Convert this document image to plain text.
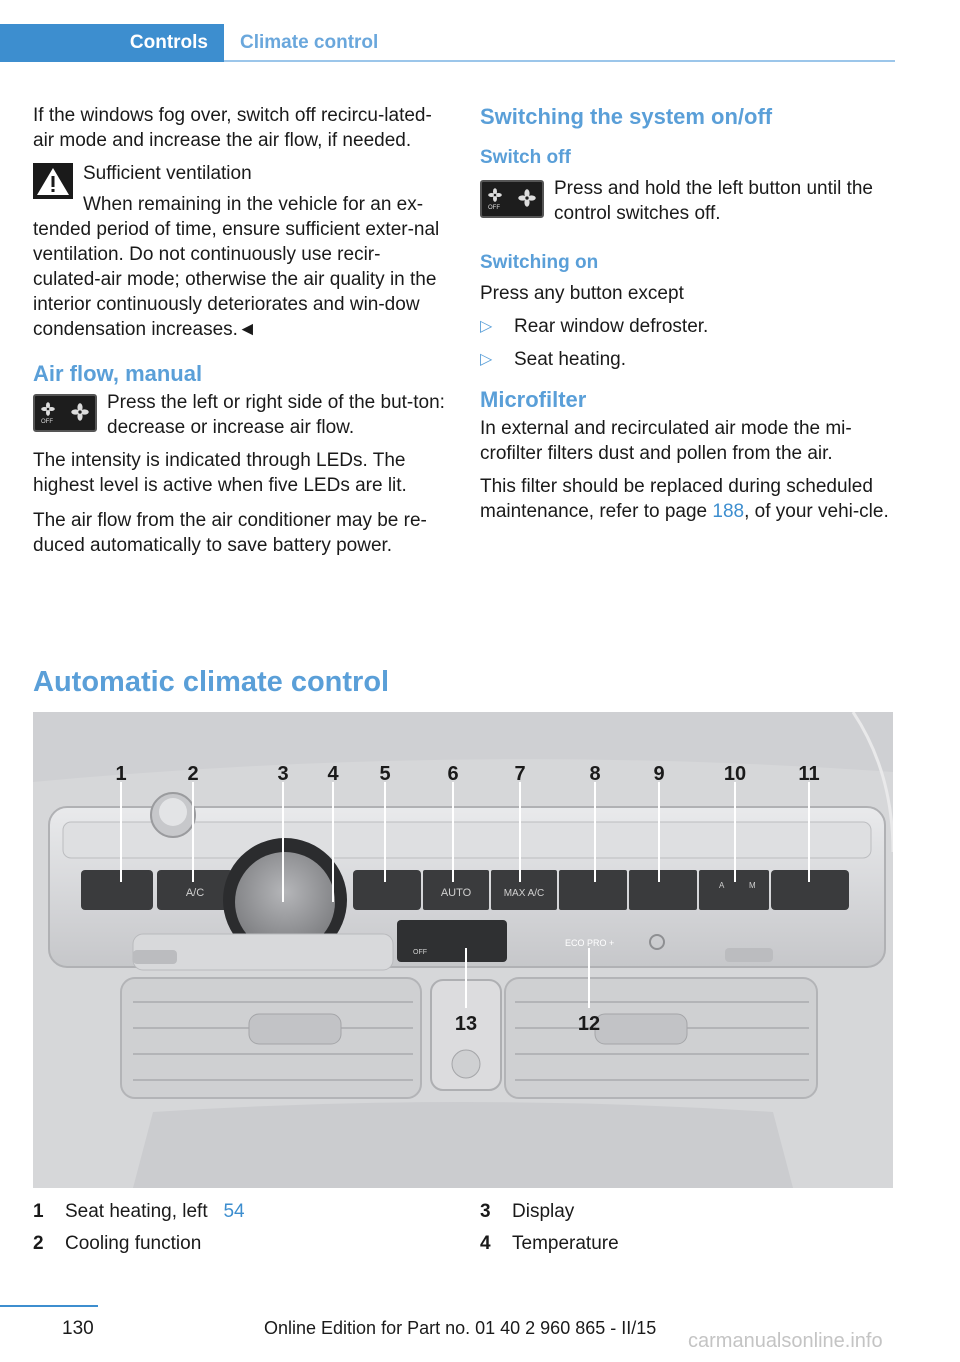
Controls	Climate control

If the windows fog over, switch off recircu-lated-air mode and increase the air flow, if needed.

Sufficient ventilation

When remaining in the vehicle for an ex-tended period of time, ensure sufficient exter-nal ventilation. Do not continuously use recir-culated-air mode; otherwise the air quality in the interior continuously deteriorates and win-dow condensation increases.◄

Air flow, manual
OFF

Press the left or right side of the but-ton: decrease or increase air flow.

The intensity is indicated through LEDs. The highest level is active when five LEDs are lit.

The air flow from the air conditioner may be re-duced automatically to save battery power.

Switching the system on/off
Switch off
OFF

Press and hold the left button until the control switches off.

Switching on

Press any button except

▷ Rear window defroster.
▷ Seat heating.
Microfilter

In external and recirculated air mode the mi-crofilter filters dust and pollen from the air.

This filter should be replaced during scheduled maintenance, refer to page 188, of your vehi-cle.

Automatic climate control
A/C	AUTO	MAX A/C
A	M
OFF
ECO PRO +
1	2	3 4 5	6	7	8	9	10	11
12
13
1 Seat heating, left 54
2 Cooling function
3 Display
4 Temperature
130	Online Edition for Part no. 01 40 2 960 865 - II/15
carmanualsonline.info
